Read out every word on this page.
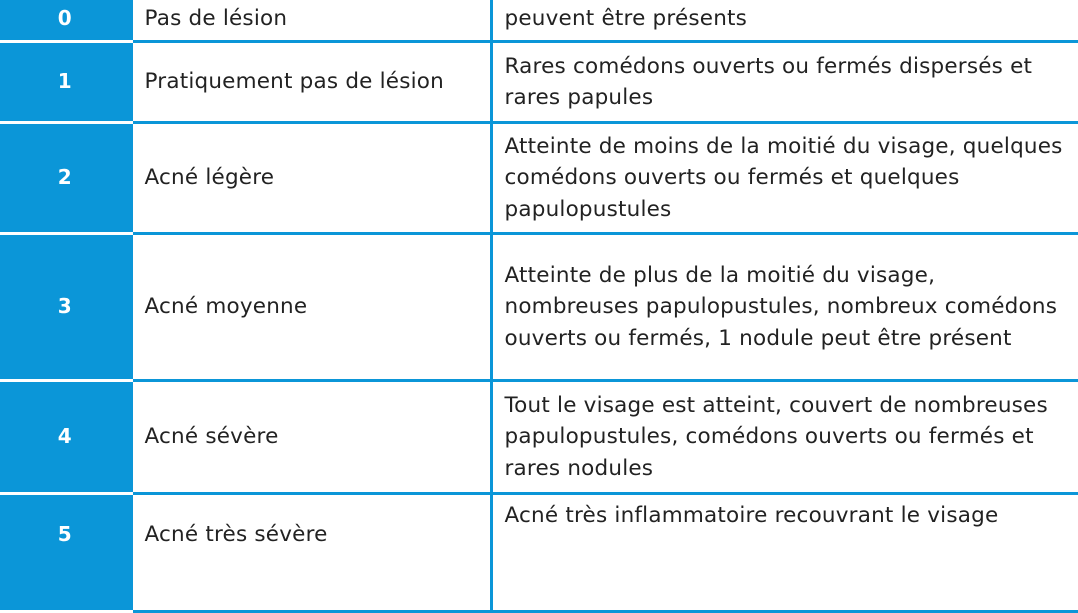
0	Pas de lésion	peuvent être présents
1	Pratiquement pas de lésion	Rares comédons ouverts ou fermés dispersés et rares papules
2	Acné légère	Atteinte de moins de la moitié du visage, quelques comédons ouverts ou fermés et quelques papulopustules
3	Acné moyenne	Atteinte de plus de la moitié du visage, nombreuses papulopustules, nombreux comédons ouverts ou fermés, 1 nodule peut être présent
4	Acné sévère	Tout le visage est atteint, couvert de nombreuses papulopustules, comédons ouverts ou fermés et rares nodules
5	Acné très sévère	Acné très inflammatoire recouvrant le visage
